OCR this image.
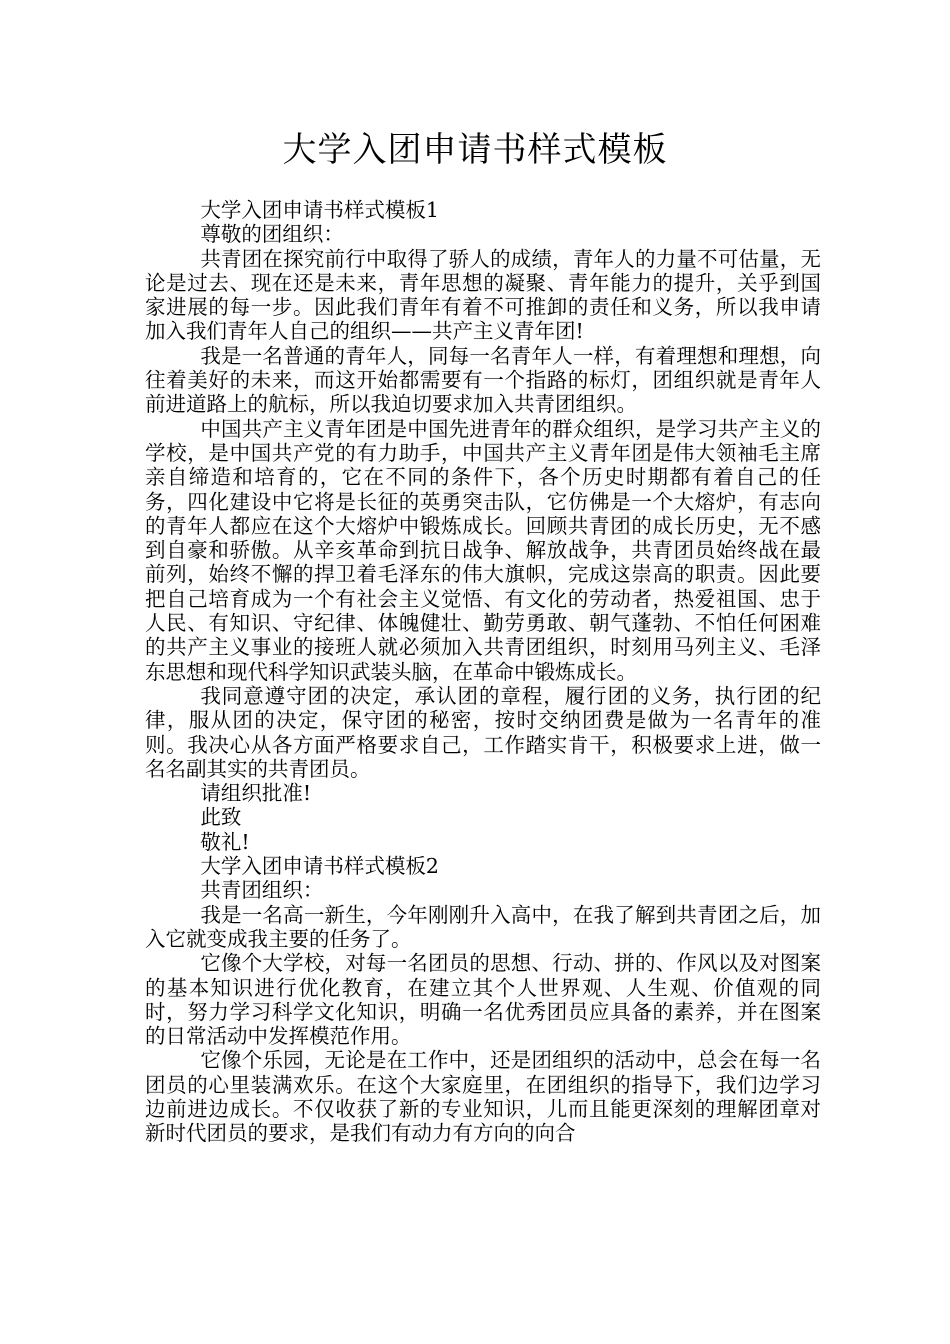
大学入团申请书样式模板

大学入团申请书样式模板1

尊敬的团组织：

共青团在探究前行中取得了骄人的成绩，青年人的力量不可估量，无论是过去、现在还是未来，青年思想的凝聚、青年能力的提升，关乎到国家进展的每一步。因此我们青年有着不可推卸的责任和义务，所以我申请加入我们青年人自己的组织——共产主义青年团!

我是一名普通的青年人，同每一名青年人一样，有着理想和理想，向往着美好的未来，而这开始都需要有一个指路的标灯，团组织就是青年人前进道路上的航标，所以我迫切要求加入共青团组织。

中国共产主义青年团是中国先进青年的群众组织，是学习共产主义的学校，是中国共产党的有力助手，中国共产主义青年团是伟大领袖毛主席亲自缔造和培育的，它在不同的条件下，各个历史时期都有着自己的任务，四化建设中它将是长征的英勇突击队，它仿佛是一个大熔炉，有志向的青年人都应在这个大熔炉中锻炼成长。回顾共青团的成长历史，无不感到自豪和骄傲。从辛亥革命到抗日战争、解放战争，共青团员始终战在最前列，始终不懈的捍卫着毛泽东的伟大旗帜，完成这崇高的职责。因此要把自己培育成为一个有社会主义觉悟、有文化的劳动者，热爱祖国、忠于人民、有知识、守纪律、体魄健壮、勤劳勇敢、朝气蓬勃、不怕任何困难的共产主义事业的接班人就必须加入共青团组织，时刻用马列主义、毛泽东思想和现代科学知识武装头脑，在革命中锻炼成长。

我同意遵守团的决定，承认团的章程，履行团的义务，执行团的纪律，服从团的决定，保守团的秘密，按时交纳团费是做为一名青年的准则。我决心从各方面严格要求自己，工作踏实肯干，积极要求上进，做一名名副其实的共青团员。

请组织批准!

此致

敬礼!

大学入团申请书样式模板2

共青团组织：

我是一名高一新生，今年刚刚升入高中，在我了解到共青团之后，加入它就变成我主要的任务了。

它像个大学校，对每一名团员的思想、行动、拼的、作风以及对图案的基本知识进行优化教育，在建立其个人世界观、人生观、价值观的同时，努力学习科学文化知识，明确一名优秀团员应具备的素养，并在图案的日常活动中发挥模范作用。

它像个乐园，无论是在工作中，还是团组织的活动中，总会在每一名团员的心里装满欢乐。在这个大家庭里，在团组织的指导下，我们边学习边前进边成长。不仅收获了新的专业知识，儿而且能更深刻的理解团章对新时代团员的要求，是我们有动力有方向的向合
